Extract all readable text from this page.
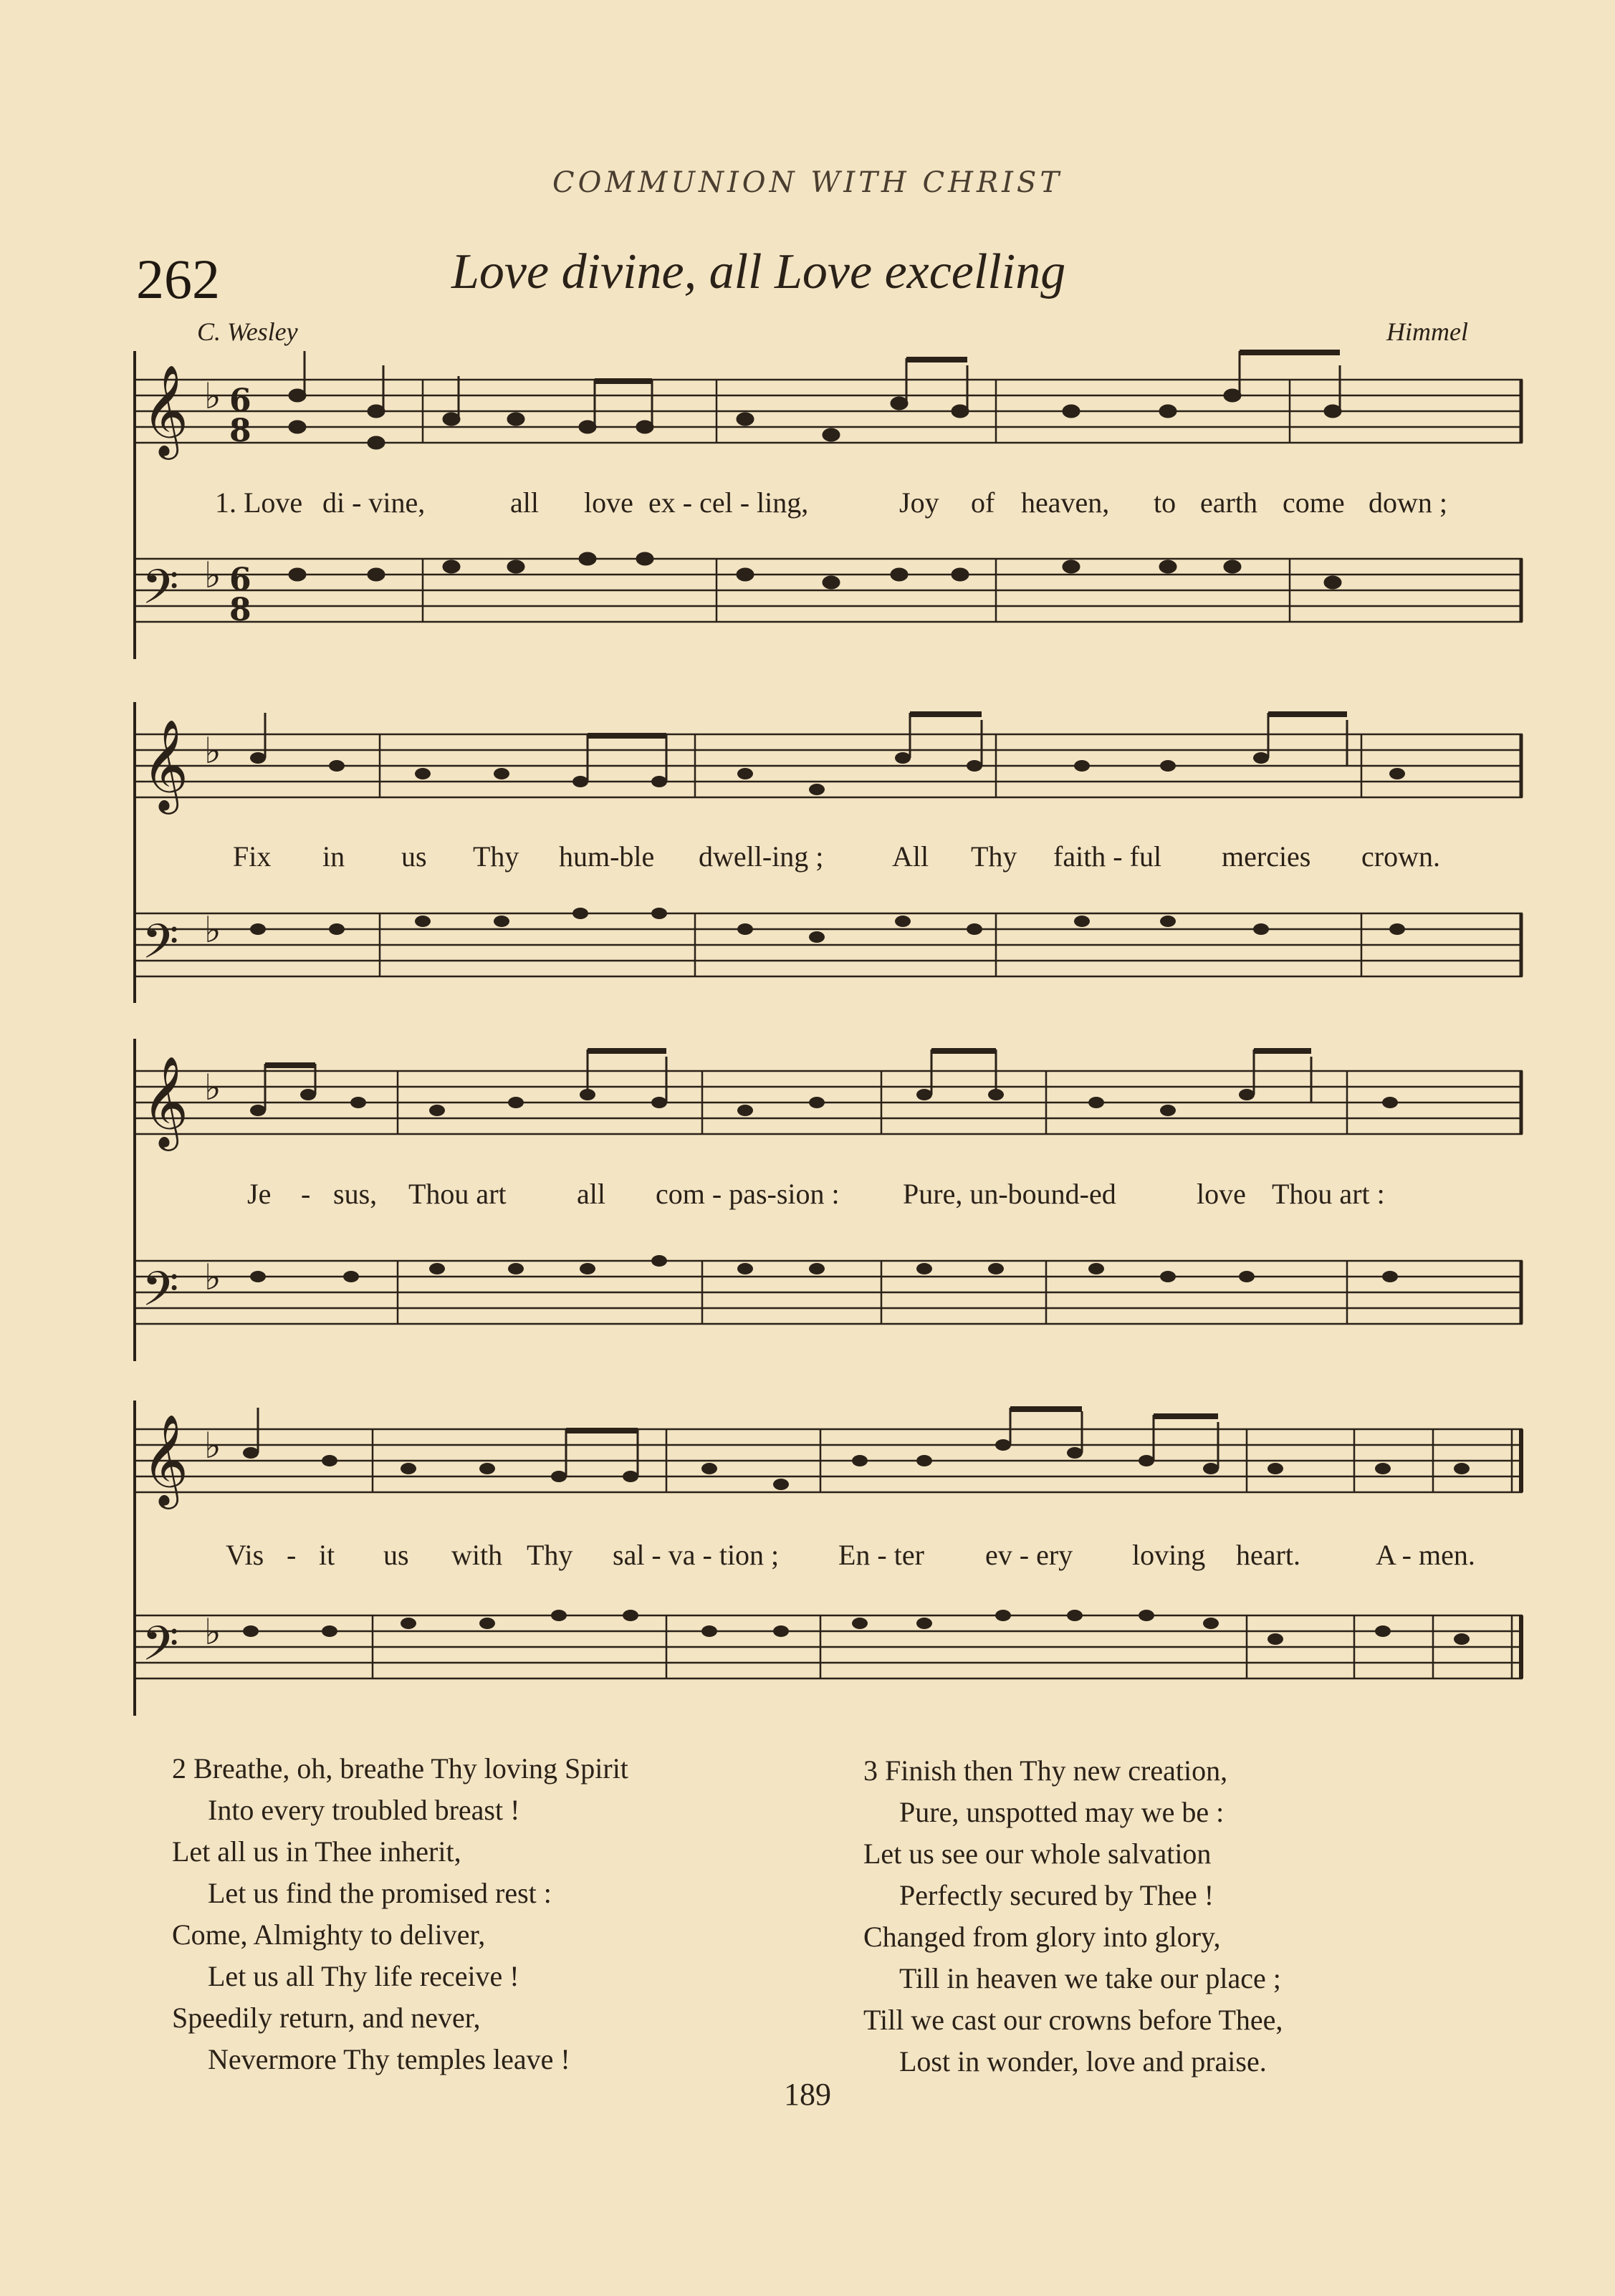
COMMUNION WITH CHRIST
262	Love divine, all Love excelling
C. Wesley	Himmel
𝄞
𝄢
♭ 6
8
♭ 6
8
1. Love di - vine,	all love ex - cel - ling,	Joy of heaven, to earth come down ;
𝄞
𝄢
♭
♭
Fix in us Thy hum-ble dwell-ing ; All Thy faith - ful mercies crown.
𝄞
𝄢
♭
♭
Je - sus, Thou art all com - pas-sion : Pure, un-bound-ed	love Thou art :
𝄞
𝄢
♭
♭
Vis - it us with Thy sal - va - tion ; En - ter ev - ery loving heart.	A - men.
2 Breathe, oh, breathe Thy loving Spirit
Into every troubled breast !
Let all us in Thee inherit,
Let us find the promised rest :
Come, Almighty to deliver,
Let us all Thy life receive !
Speedily return, and never,
Nevermore Thy temples leave !
3 Finish then Thy new creation,
Pure, unspotted may we be :
Let us see our whole salvation
Perfectly secured by Thee !
Changed from glory into glory,
Till in heaven we take our place ;
Till we cast our crowns before Thee,
Lost in wonder, love and praise.
189
